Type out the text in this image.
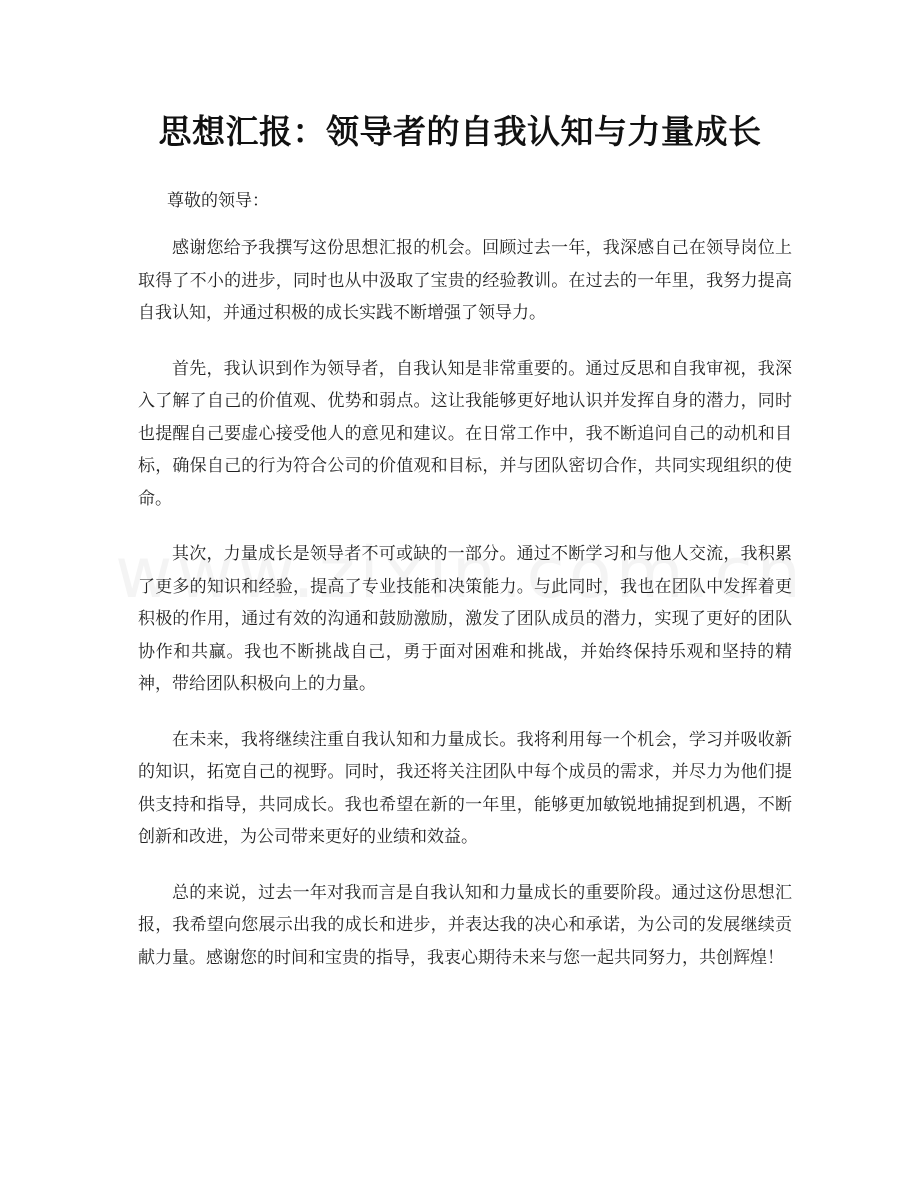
思想汇报：领导者的自我认知与力量成长
尊敬的领导：

感谢您给予我撰写这份思想汇报的机会。回顾过去一年，我深感自己在领导岗位上取得了不小的进步，同时也从中汲取了宝贵的经验教训。在过去的一年里，我努力提高自我认知，并通过积极的成长实践不断增强了领导力。

首先，我认识到作为领导者，自我认知是非常重要的。通过反思和自我审视，我深入了解了自己的价值观、优势和弱点。这让我能够更好地认识并发挥自身的潜力，同时也提醒自己要虚心接受他人的意见和建议。在日常工作中，我不断追问自己的动机和目标，确保自己的行为符合公司的价值观和目标，并与团队密切合作，共同实现组织的使命。

其次，力量成长是领导者不可或缺的一部分。通过不断学习和与他人交流，我积累了更多的知识和经验，提高了专业技能和决策能力。与此同时，我也在团队中发挥着更积极的作用，通过有效的沟通和鼓励激励，激发了团队成员的潜力，实现了更好的团队协作和共赢。我也不断挑战自己，勇于面对困难和挑战，并始终保持乐观和坚持的精神，带给团队积极向上的力量。

在未来，我将继续注重自我认知和力量成长。我将利用每一个机会，学习并吸收新的知识，拓宽自己的视野。同时，我还将关注团队中每个成员的需求，并尽力为他们提供支持和指导，共同成长。我也希望在新的一年里，能够更加敏锐地捕捉到机遇，不断创新和改进，为公司带来更好的业绩和效益。

总的来说，过去一年对我而言是自我认知和力量成长的重要阶段。通过这份思想汇报，我希望向您展示出我的成长和进步，并表达我的决心和承诺，为公司的发展继续贡献力量。感谢您的时间和宝贵的指导，我衷心期待未来与您一起共同努力，共创辉煌！
